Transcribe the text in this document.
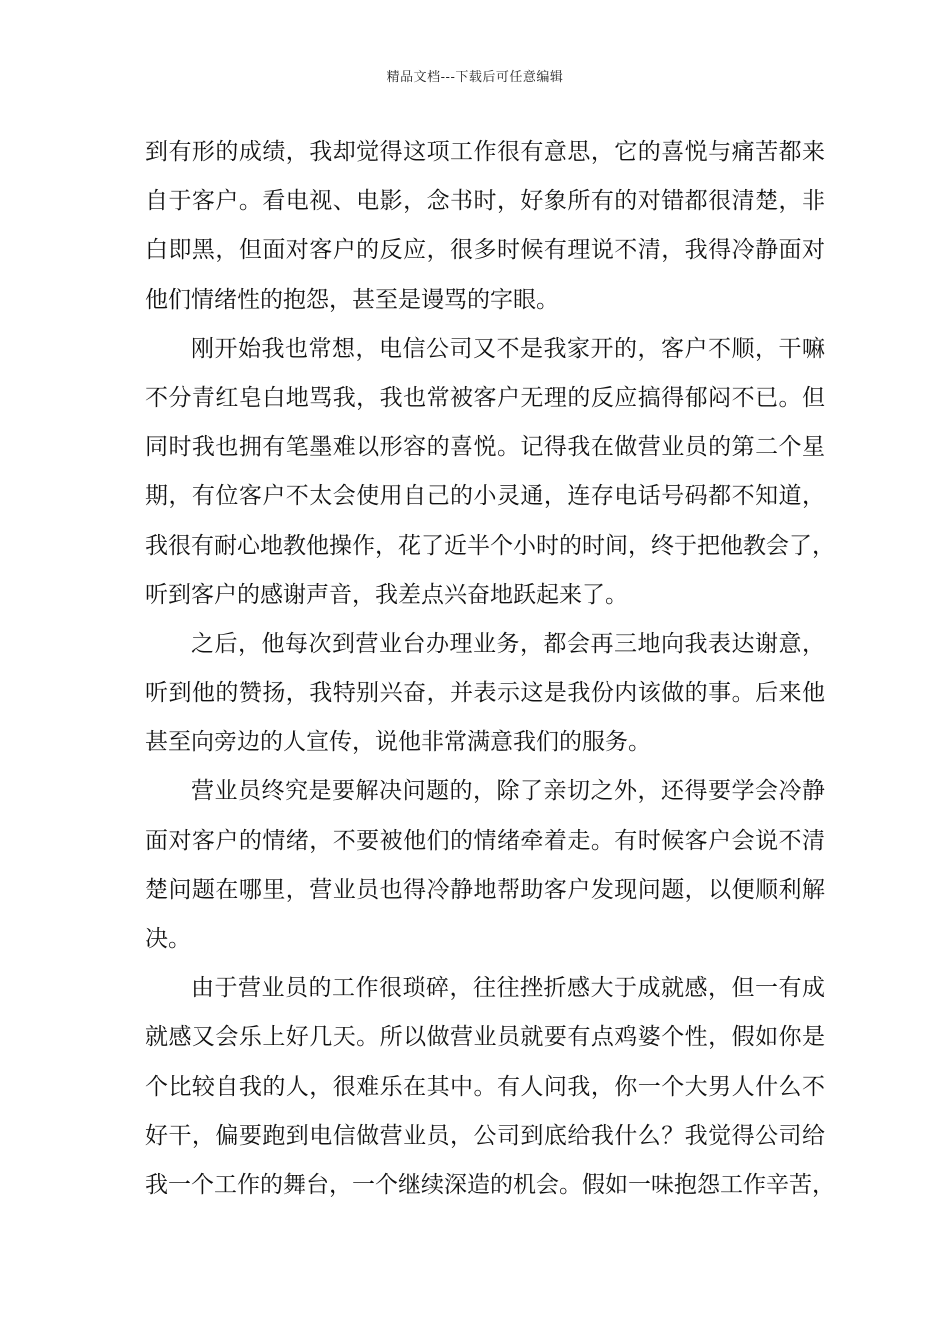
精品文档---下载后可任意编辑
到有形的成绩，我却觉得这项工作很有意思，它的喜悦与痛苦都来
自于客户。看电视、电影，念书时，好象所有的对错都很清楚，非
白即黑，但面对客户的反应，很多时候有理说不清，我得冷静面对
他们情绪性的抱怨，甚至是谩骂的字眼。
刚开始我也常想，电信公司又不是我家开的，客户不顺，干嘛
不分青红皂白地骂我，我也常被客户无理的反应搞得郁闷不已。但
同时我也拥有笔墨难以形容的喜悦。记得我在做营业员的第二个星
期，有位客户不太会使用自己的小灵通，连存电话号码都不知道，
我很有耐心地教他操作，花了近半个小时的时间，终于把他教会了，
听到客户的感谢声音，我差点兴奋地跃起来了。
之后，他每次到营业台办理业务，都会再三地向我表达谢意，
听到他的赞扬，我特别兴奋，并表示这是我份内该做的事。后来他
甚至向旁边的人宣传，说他非常满意我们的服务。
营业员终究是要解决问题的，除了亲切之外，还得要学会冷静
面对客户的情绪，不要被他们的情绪牵着走。有时候客户会说不清
楚问题在哪里，营业员也得冷静地帮助客户发现问题，以便顺利解
决。
由于营业员的工作很琐碎，往往挫折感大于成就感，但一有成
就感又会乐上好几天。所以做营业员就要有点鸡婆个性，假如你是
个比较自我的人，很难乐在其中。有人问我，你一个大男人什么不
好干，偏要跑到电信做营业员，公司到底给我什么？我觉得公司给
我一个工作的舞台，一个继续深造的机会。假如一味抱怨工作辛苦，
